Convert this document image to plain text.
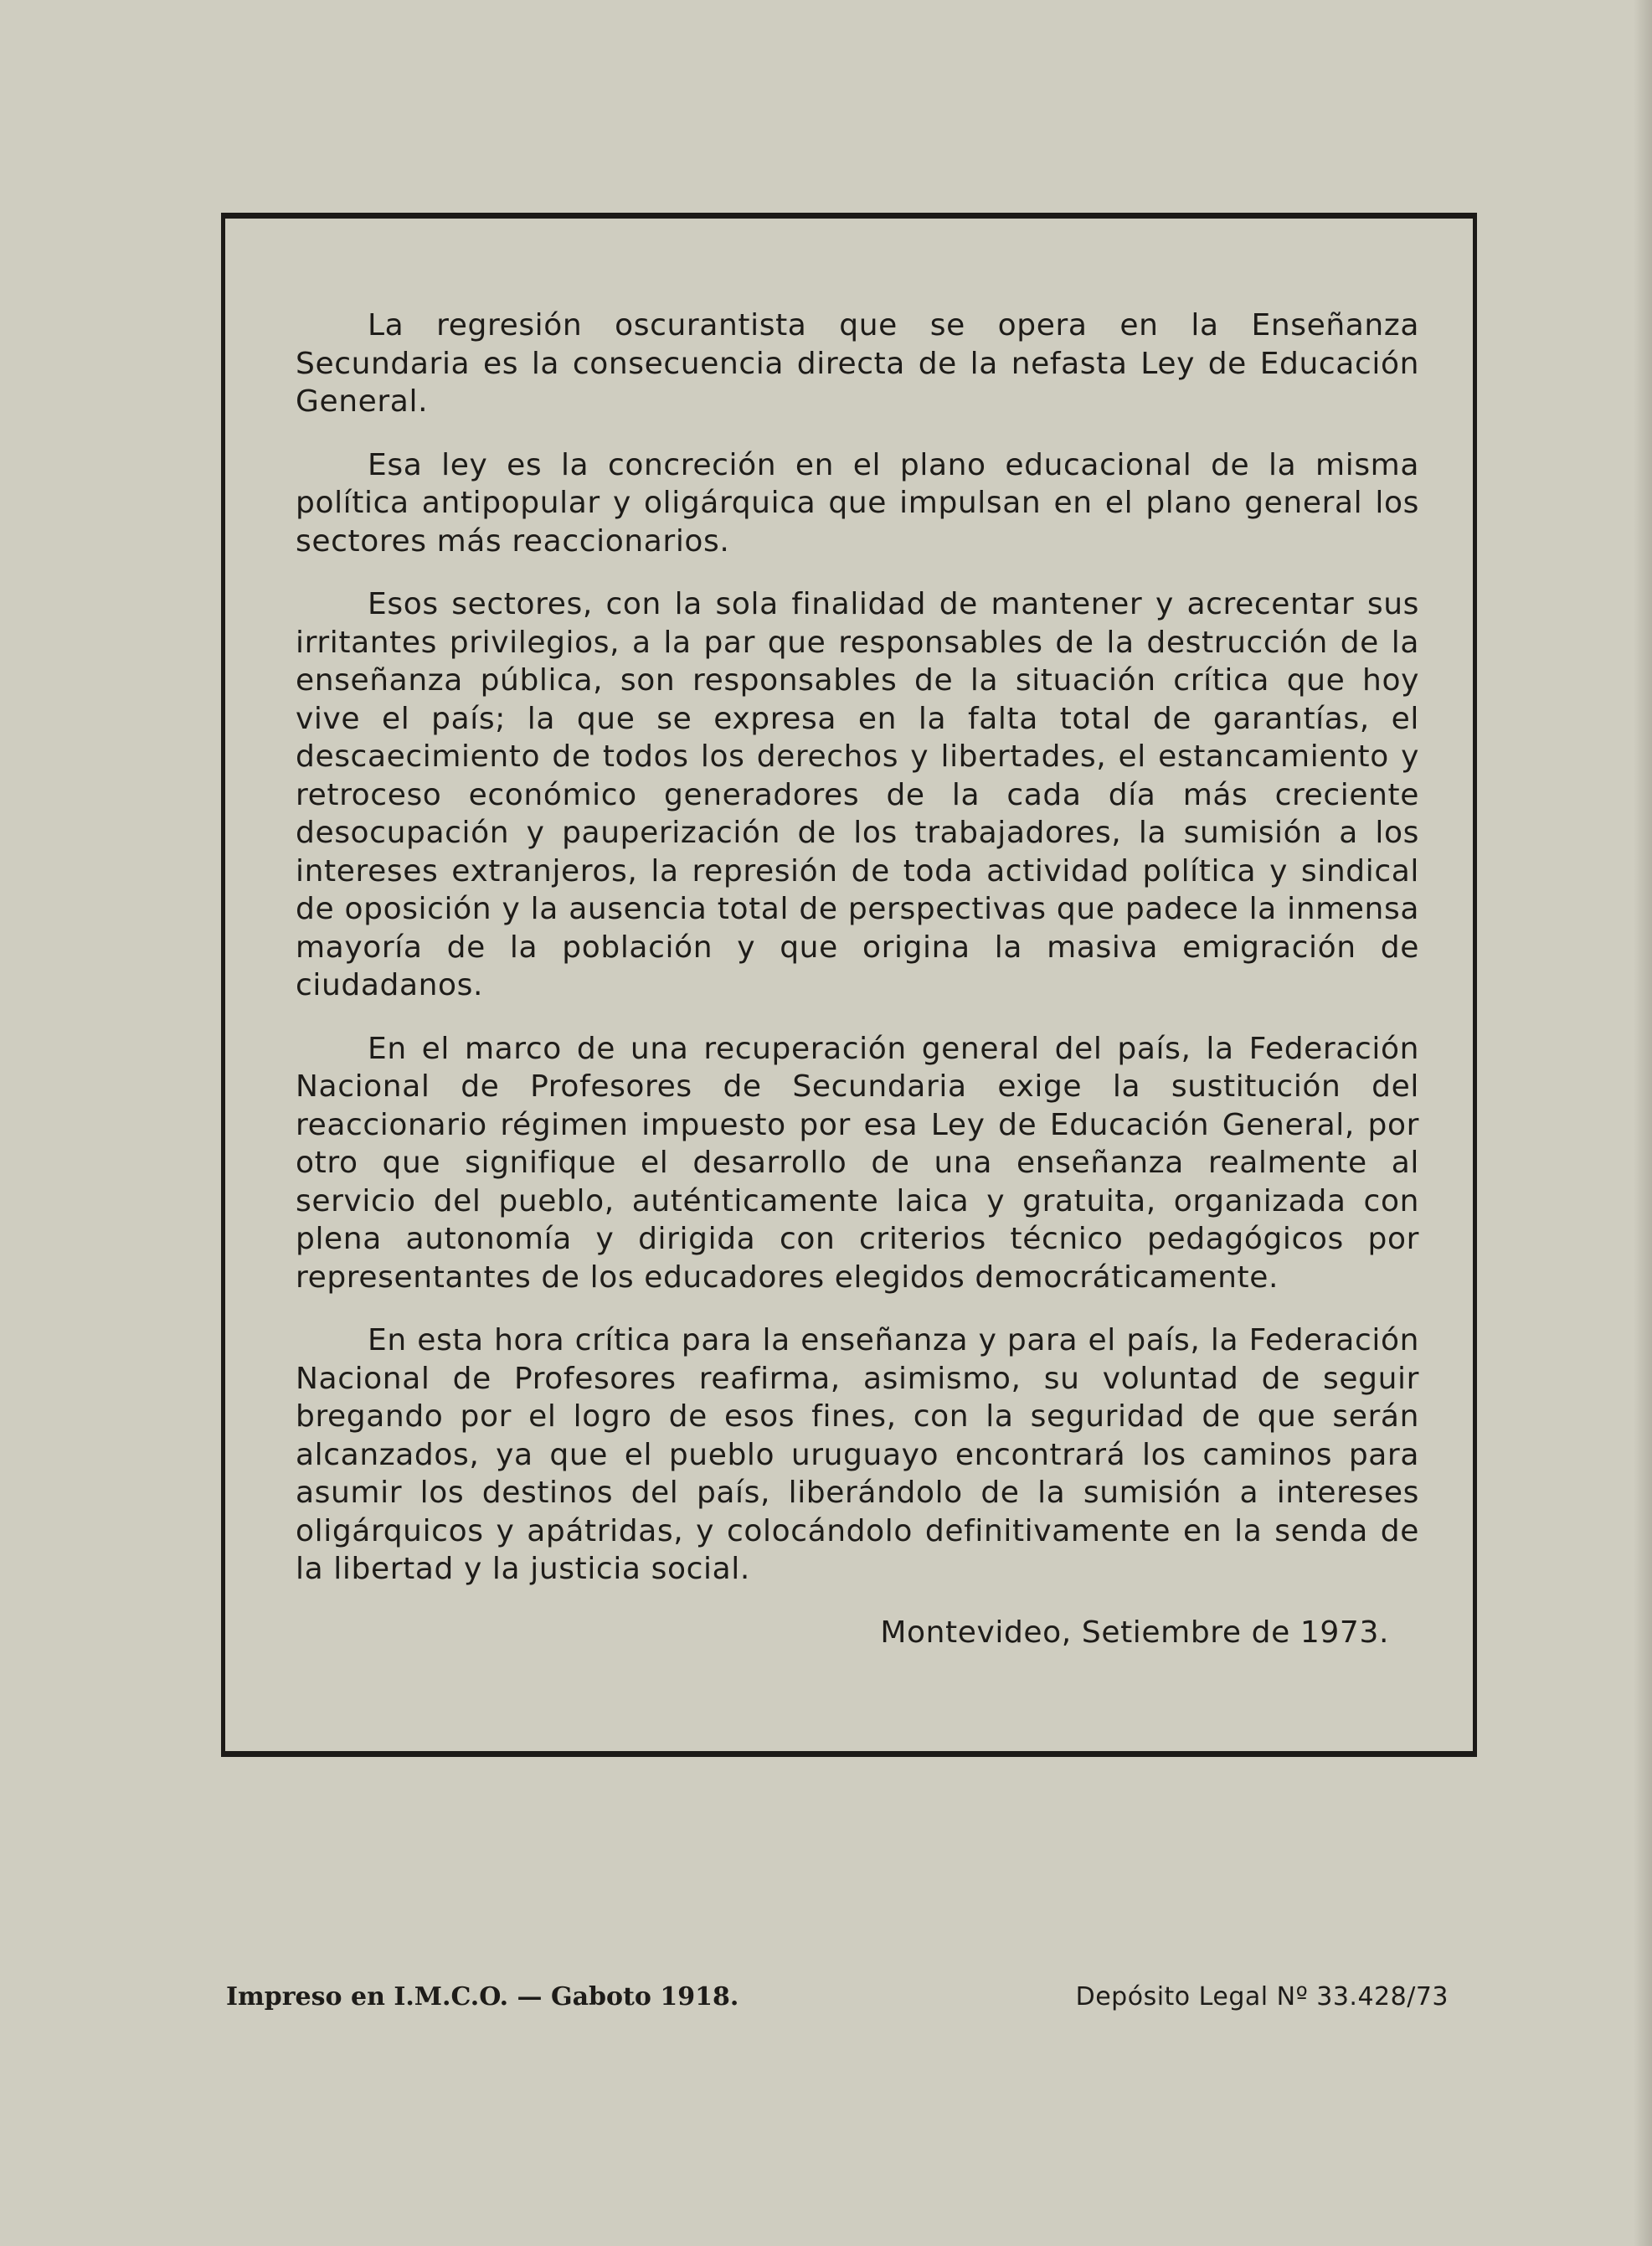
La regresión oscurantista que se opera en la Enseñanza Secundaria es la consecuencia directa de la nefasta Ley de Educación General.

Esa ley es la concreción en el plano educacional de la misma política antipopular y oligárquica que impulsan en el plano general los sectores más reaccionarios.

Esos sectores, con la sola finalidad de mantener y acrecentar sus irritantes privilegios, a la par que responsables de la destrucción de la enseñanza pública, son responsables de la situación crítica que hoy vive el país; la que se expresa en la falta total de garantías, el descaecimiento de todos los derechos y libertades, el estancamiento y retroceso económico generadores de la cada día más creciente desocupación y pauperización de los trabajadores, la sumisión a los intereses extranjeros, la represión de toda actividad política y sindical de oposición y la ausencia total de perspectivas que padece la inmensa mayoría de la población y que origina la masiva emigración de ciudadanos.

En el marco de una recuperación general del país, la Federación Nacional de Profesores de Secundaria exige la sustitución del reaccionario régimen impuesto por esa Ley de Educación General, por otro que signifique el desarrollo de una enseñanza realmente al servicio del pueblo, auténticamente laica y gratuita, organizada con plena autonomía y dirigida con criterios técnico pedagógicos por representantes de los educadores elegidos democráticamente.

En esta hora crítica para la enseñanza y para el país, la Federación Nacional de Profesores reafirma, asimismo, su voluntad de seguir bregando por el logro de esos fines, con la seguridad de que serán alcanzados, ya que el pueblo uruguayo encontrará los caminos para asumir los destinos del país, liberándolo de la sumisión a intereses oligárquicos y apátridas, y colocándolo definitivamente en la senda de la libertad y la justicia social.

Montevideo, Setiembre de 1973.

Impreso en I.M.C.O. — Gaboto 1918.	Depósito Legal Nº 33.428/73
